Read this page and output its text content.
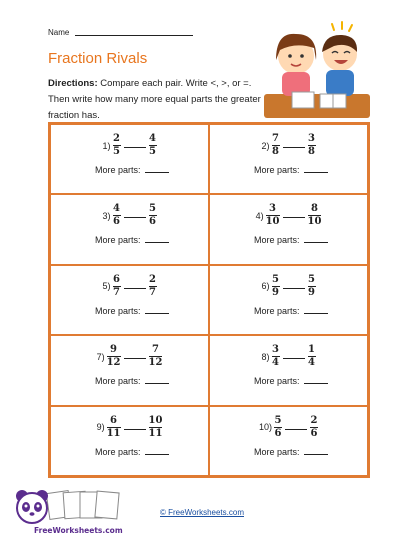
Name
Fraction Rivals
Directions: Compare each pair. Write <, >, or =. Then write how many more equal parts the greater fraction has.
$1) \frac{2}{5}$	$\frac{4}{5}$
More parts:
$2) \frac{7}{8}$	$\frac{3}{8}$
More parts:
$3) \frac{4}{6}$	$\frac{5}{6}$
More parts:
$4) \frac{3}{10}$	$\frac{8}{10}$
More parts:
$5) \frac{6}{7}$	$\frac{2}{7}$
More parts:
$6) \frac{5}{9}$	$\frac{5}{9}$
More parts:
$7) \frac{9}{12}$	$\frac{7}{12}$
More parts:
$8) \frac{3}{4}$	$\frac{1}{4}$
More parts:
$9) \frac{6}{11}$	$\frac{10}{11}$
More parts:
$10) \frac{5}{6}$	$\frac{2}{6}$
More parts:
© FreeWorksheets.com
FreeWorksheets.com
